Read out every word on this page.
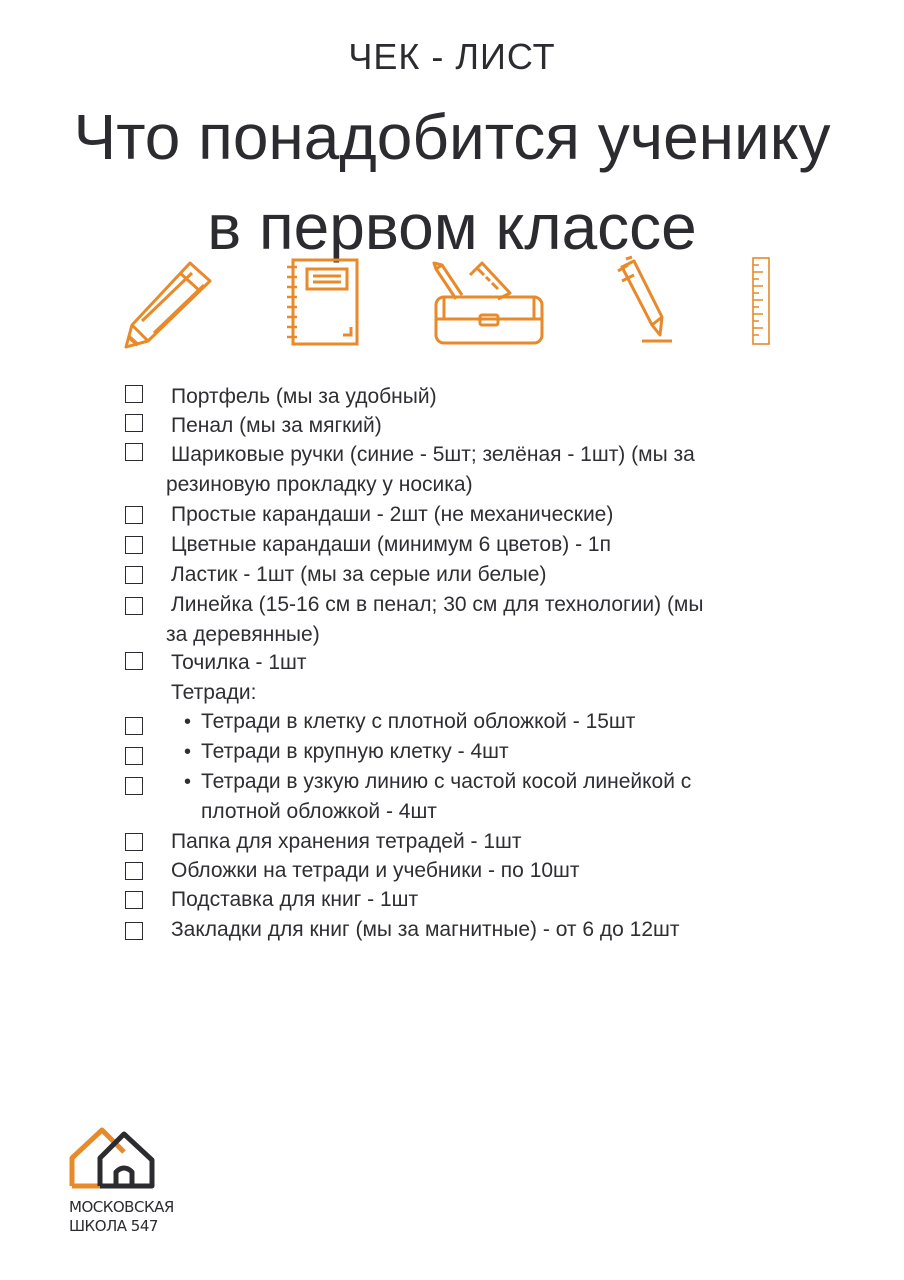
ЧЕК - ЛИСТ
Что понадобится ученику
в первом классе
Портфель (мы за удобный)
Пенал (мы за мягкий)
Шариковые ручки (синие - 5шт; зелёная - 1шт) (мы за
резиновую прокладку у носика)
Простые карандаши - 2шт (не механические)
Цветные карандаши (минимум 6 цветов) - 1п
Ластик - 1шт (мы за серые или белые)
Линейка (15-16 см в пенал; 30 см для технологии) (мы
за деревянные)
Точилка - 1шт
Тетради:
• Тетради в клетку с плотной обложкой - 15шт
• Тетради в крупную клетку - 4шт
• Тетради в узкую линию с частой косой линейкой с
плотной обложкой - 4шт
Папка для хранения тетрадей - 1шт
Обложки на тетради и учебники - по 10шт
Подставка для книг - 1шт
Закладки для книг (мы за магнитные) - от 6 до 12шт
МОСКОВСКАЯ
ШКОЛА 547
